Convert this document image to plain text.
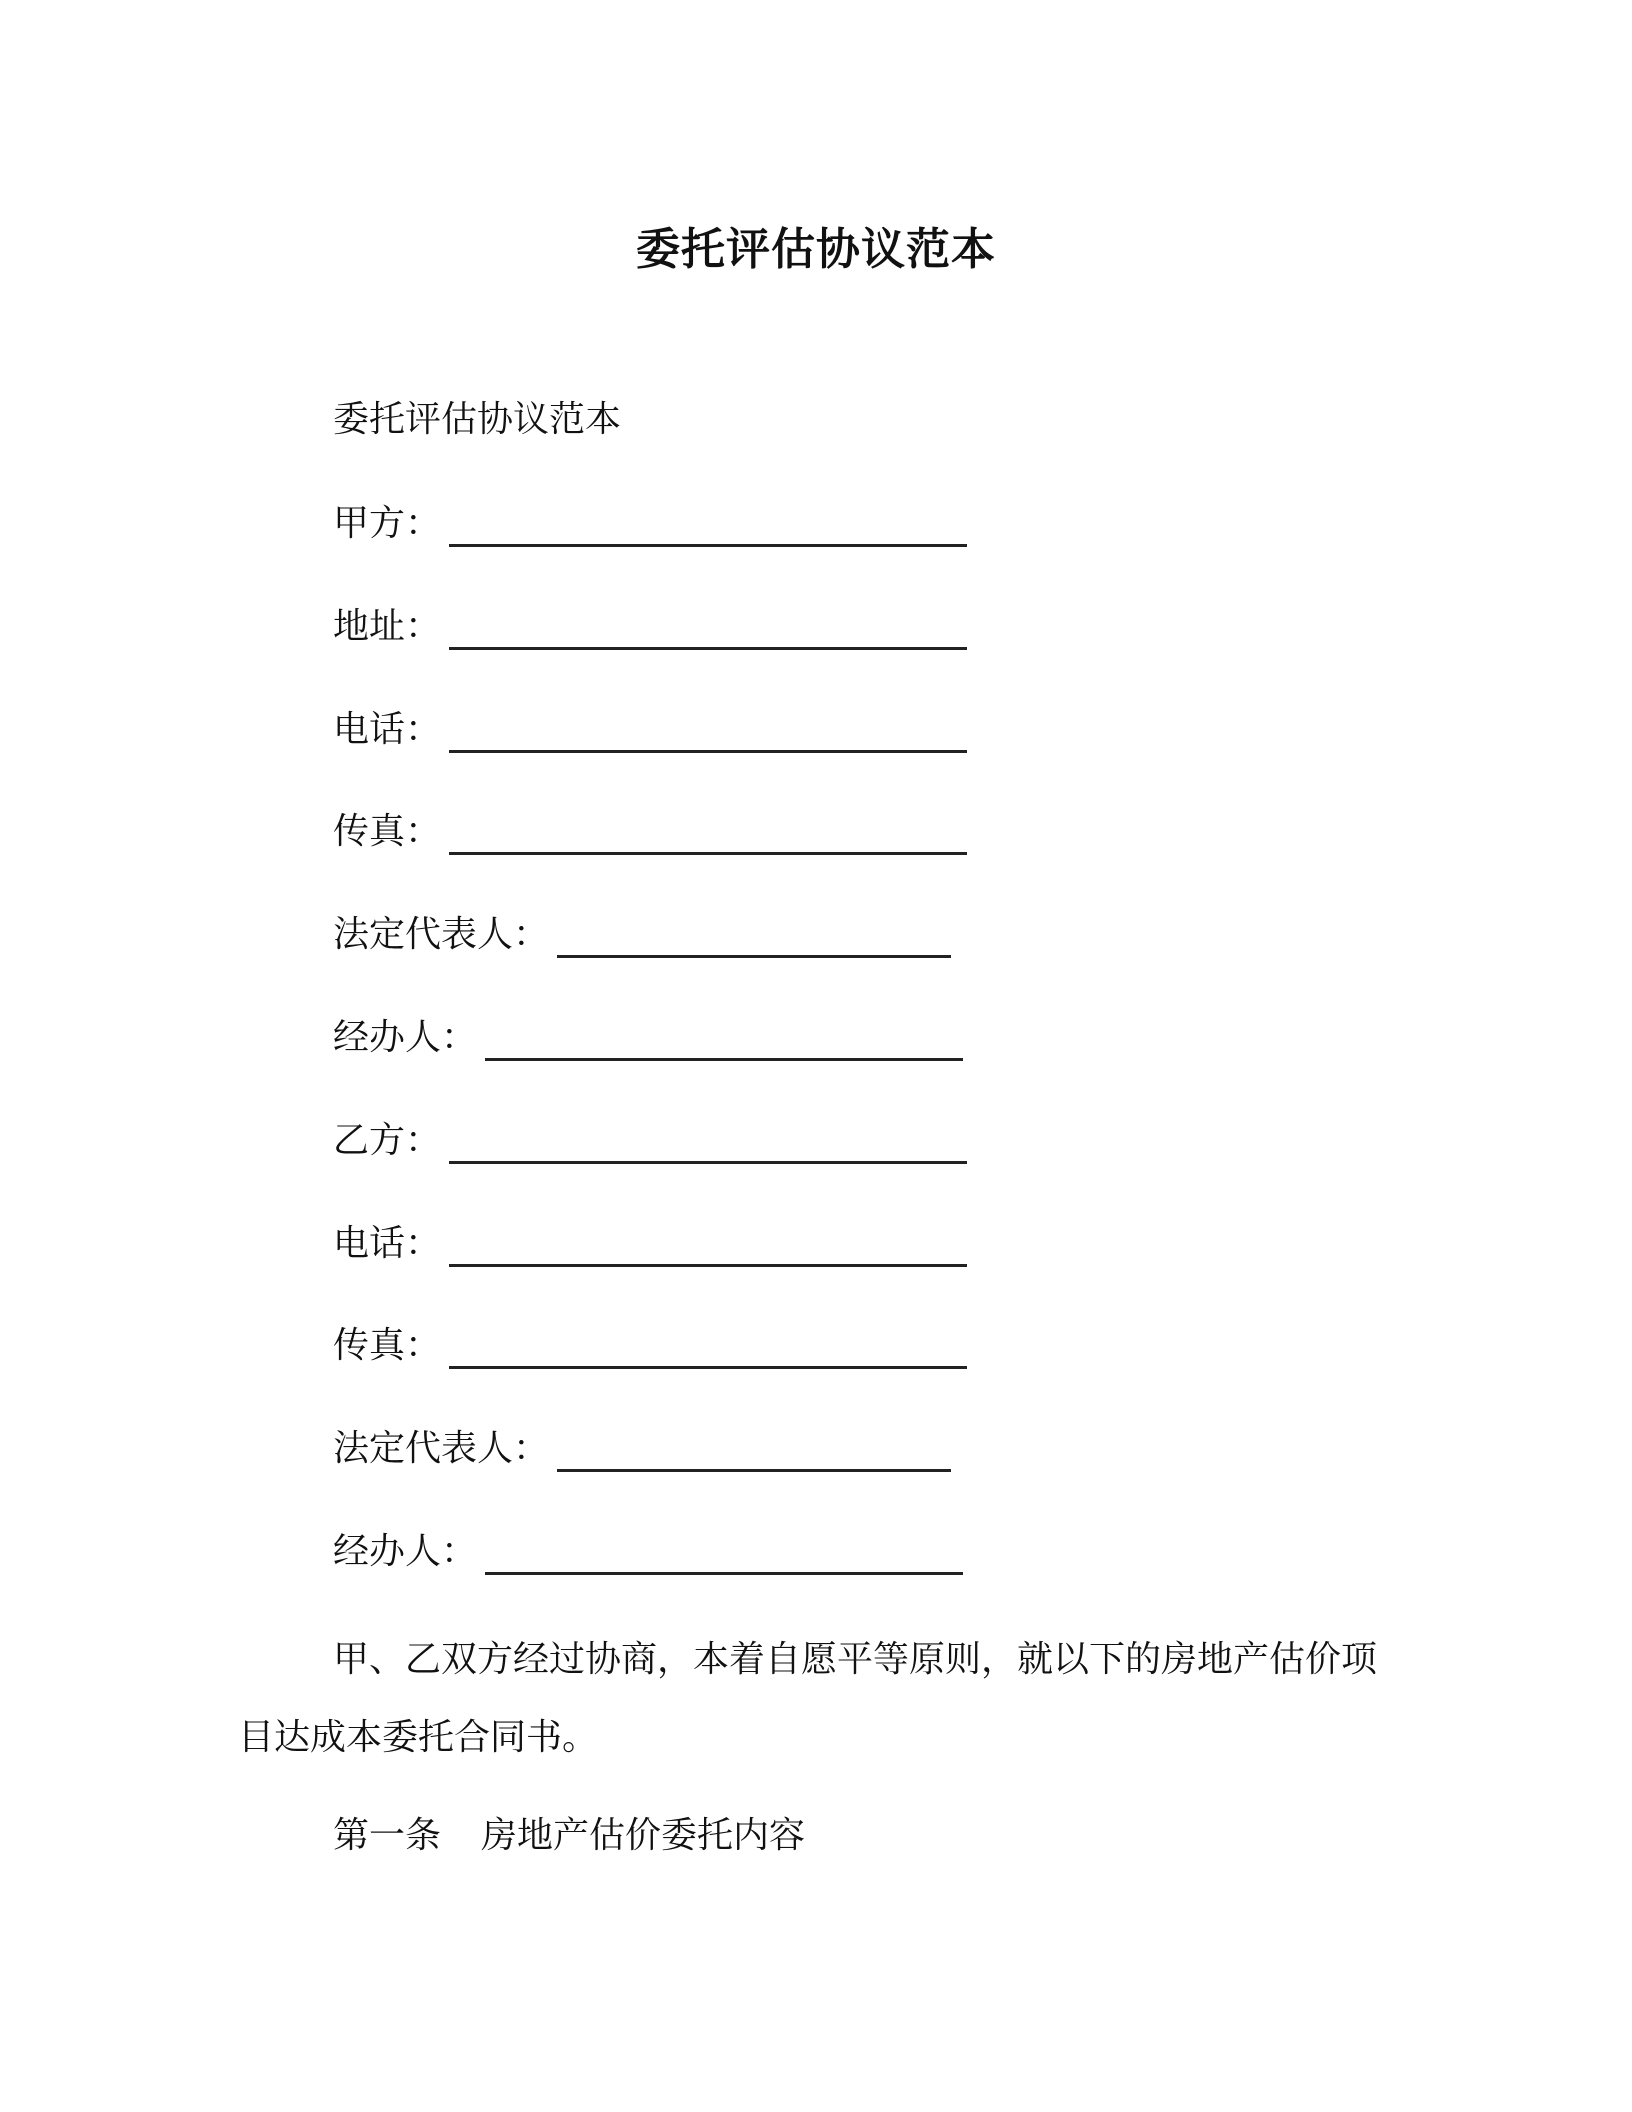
委托评估协议范本
委托评估协议范本
甲方：
地址：
电话：
传真：
法定代表人：
经办人：
乙方：
电话：
传真：
法定代表人：
经办人：
甲、乙双方经过协商，本着自愿平等原则，就以下的房地产估价项目达成本委托合同书。
第一条 房地产估价委托内容
